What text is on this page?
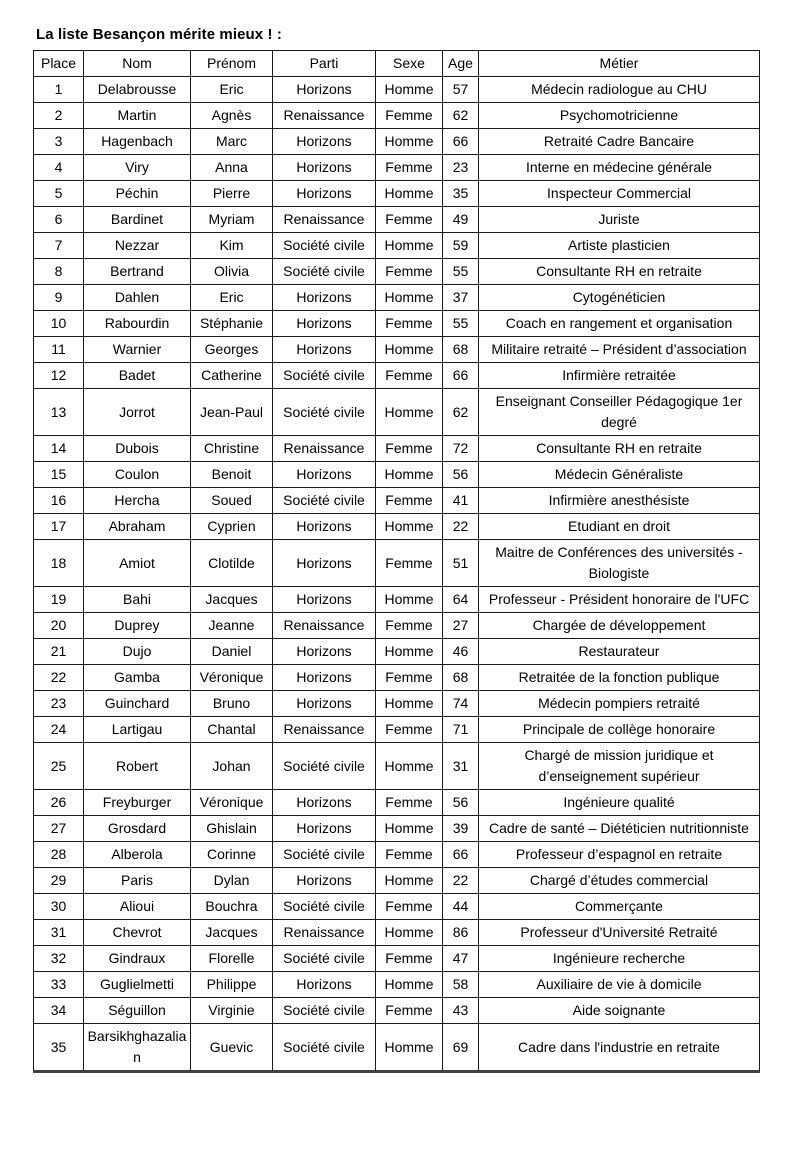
La liste Besançon mérite mieux ! :
Place	Nom	Prénom	Parti	Sexe	Age	Métier
1	Delabrousse	Eric	Horizons	Homme	57	Médecin radiologue au CHU
2	Martin	Agnès	Renaissance	Femme	62	Psychomotricienne
3	Hagenbach	Marc	Horizons	Homme	66	Retraité Cadre Bancaire
4	Viry	Anna	Horizons	Femme	23	Interne en médecine générale
5	Péchin	Pierre	Horizons	Homme	35	Inspecteur Commercial
6	Bardinet	Myriam	Renaissance	Femme	49	Juriste
7	Nezzar	Kim	Société civile	Homme	59	Artiste plasticien
8	Bertrand	Olivia	Société civile	Femme	55	Consultante RH en retraite
9	Dahlen	Eric	Horizons	Homme	37	Cytogénéticien
10	Rabourdin	Stéphanie	Horizons	Femme	55	Coach en rangement et organisation
11	Warnier	Georges	Horizons	Homme	68	Militaire retraité – Président d’association
12	Badet	Catherine	Société civile	Femme	66	Infirmière retraitée
13	Jorrot	Jean-Paul	Société civile	Homme	62	Enseignant Conseiller Pédagogique 1er degré
14	Dubois	Christine	Renaissance	Femme	72	Consultante RH en retraite
15	Coulon	Benoit	Horizons	Homme	56	Médecin Généraliste
16	Hercha	Soued	Société civile	Femme	41	Infirmière anesthésiste
17	Abraham	Cyprien	Horizons	Homme	22	Etudiant en droit
18	Amiot	Clotilde	Horizons	Femme	51	Maitre de Conférences des universités - Biologiste
19	Bahi	Jacques	Horizons	Homme	64	Professeur - Président honoraire de l'UFC
20	Duprey	Jeanne	Renaissance	Femme	27	Chargée de développement
21	Dujo	Daniel	Horizons	Homme	46	Restaurateur
22	Gamba	Véronique	Horizons	Femme	68	Retraitée de la fonction publique
23	Guinchard	Bruno	Horizons	Homme	74	Médecin pompiers retraité
24	Lartigau	Chantal	Renaissance	Femme	71	Principale de collège honoraire
25	Robert	Johan	Société civile	Homme	31	Chargé de mission juridique et d’enseignement supérieur
26	Freyburger	Véronique	Horizons	Femme	56	Ingénieure qualité
27	Grosdard	Ghislain	Horizons	Homme	39	Cadre de santé – Diététicien nutritionniste
28	Alberola	Corinne	Société civile	Femme	66	Professeur d’espagnol en retraite
29	Paris	Dylan	Horizons	Homme	22	Chargé d’études commercial
30	Alioui	Bouchra	Société civile	Femme	44	Commerçante
31	Chevrot	Jacques	Renaissance	Homme	86	Professeur d'Université Retraité
32	Gindraux	Florelle	Société civile	Femme	47	Ingénieure recherche
33	Guglielmetti	Philippe	Horizons	Homme	58	Auxiliaire de vie à domicile
34	Séguillon	Virginie	Société civile	Femme	43	Aide soignante
35	Barsikhghazalian	Guevic	Société civile	Homme	69	Cadre dans l'industrie en retraite
